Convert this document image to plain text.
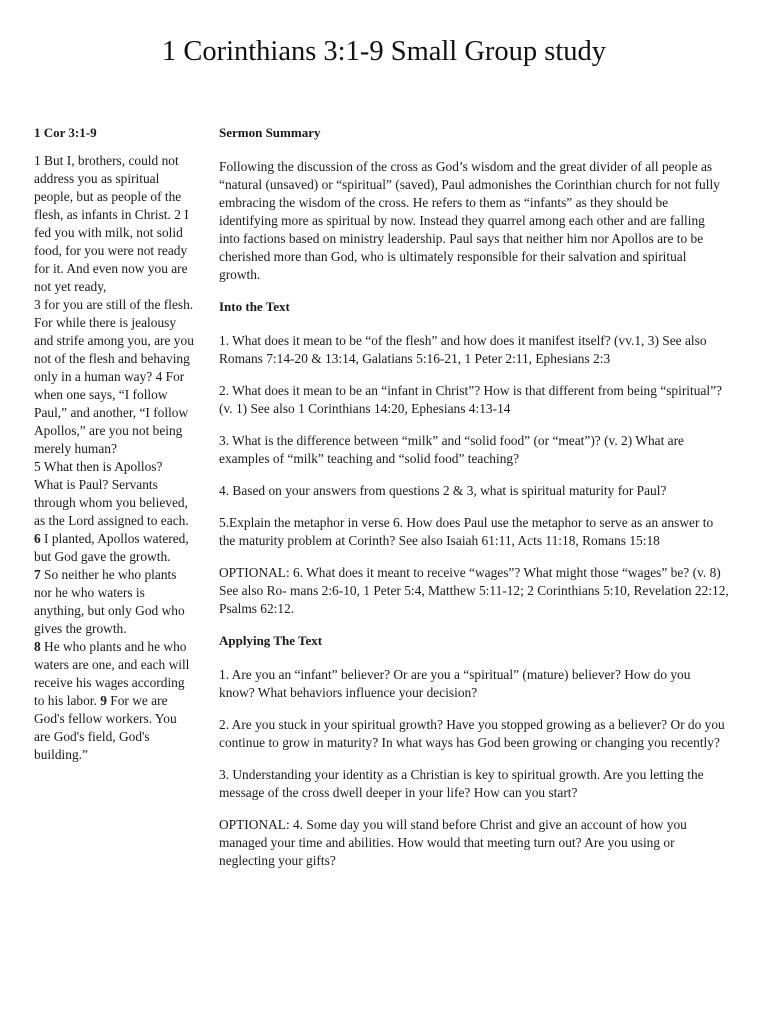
1 Corinthians 3:1-9 Small Group study
1 Cor 3:1-9

1 But I, brothers, could not address you as spiritual people, but as people of the flesh, as infants in Christ. 2 I fed you with milk, not solid food, for you were not ready for it. And even now you are not yet ready,
3 for you are still of the flesh. For while there is jealousy and strife among you, are you not of the flesh and behaving only in a human way? 4 For when one says, “I follow Paul,” and another, “I follow Apollos,” are you not being merely human?
5 What then is Apollos? What is Paul? Servants through whom you believed, as the Lord assigned to each. 6 I planted, Apollos watered, but God gave the growth.
7 So neither he who plants nor he who waters is anything, but only God who gives the growth.
8 He who plants and he who waters are one, and each will receive his wages according to his labor. 9 For we are God's fellow workers. You are God's field, God's building.”

Sermon Summary

Following the discussion of the cross as God’s wisdom and the great divider of all people as “natural (unsaved) or “spiritual” (saved), Paul admonishes the Corinthian church for not fully embracing the wisdom of the cross. He refers to them as “infants” as they should be identifying more as spiritual by now. Instead they quarrel among each other and are falling into factions based on ministry leadership. Paul says that neither him nor Apollos are to be cherished more than God, who is ultimately responsible for their salvation and spiritual growth.

Into the Text

1. What does it mean to be “of the flesh” and how does it manifest itself? (vv.1, 3) See also Romans 7:14-20 & 13:14, Galatians 5:16-21, 1 Peter 2:11, Ephesians 2:3

2. What does it mean to be an “infant in Christ”? How is that different from being “spiritual”? (v. 1) See also 1 Corinthians 14:20, Ephesians 4:13-14

3. What is the difference between “milk” and “solid food” (or “meat”)? (v. 2) What are examples of “milk” teaching and “solid food” teaching?

4. Based on your answers from questions 2 & 3, what is spiritual maturity for Paul?

5.Explain the metaphor in verse 6. How does Paul use the metaphor to serve as an answer to the maturity problem at Corinth? See also Isaiah 61:11, Acts 11:18, Romans 15:18

OPTIONAL: 6. What does it meant to receive “wages”? What might those “wages” be? (v. 8) See also Ro- mans 2:6-10, 1 Peter 5:4, Matthew 5:11-12; 2 Corinthians 5:10, Revelation 22:12, Psalms 62:12.

Applying The Text

1. Are you an “infant” believer? Or are you a “spiritual” (mature) believer? How do you know? What behaviors influence your decision?

2. Are you stuck in your spiritual growth? Have you stopped growing as a believer? Or do you continue to grow in maturity? In what ways has God been growing or changing you recently?

3. Understanding your identity as a Christian is key to spiritual growth. Are you letting the message of the cross dwell deeper in your life? How can you start?

OPTIONAL: 4. Some day you will stand before Christ and give an account of how you managed your time and abilities. How would that meeting turn out? Are you using or neglecting your gifts?
